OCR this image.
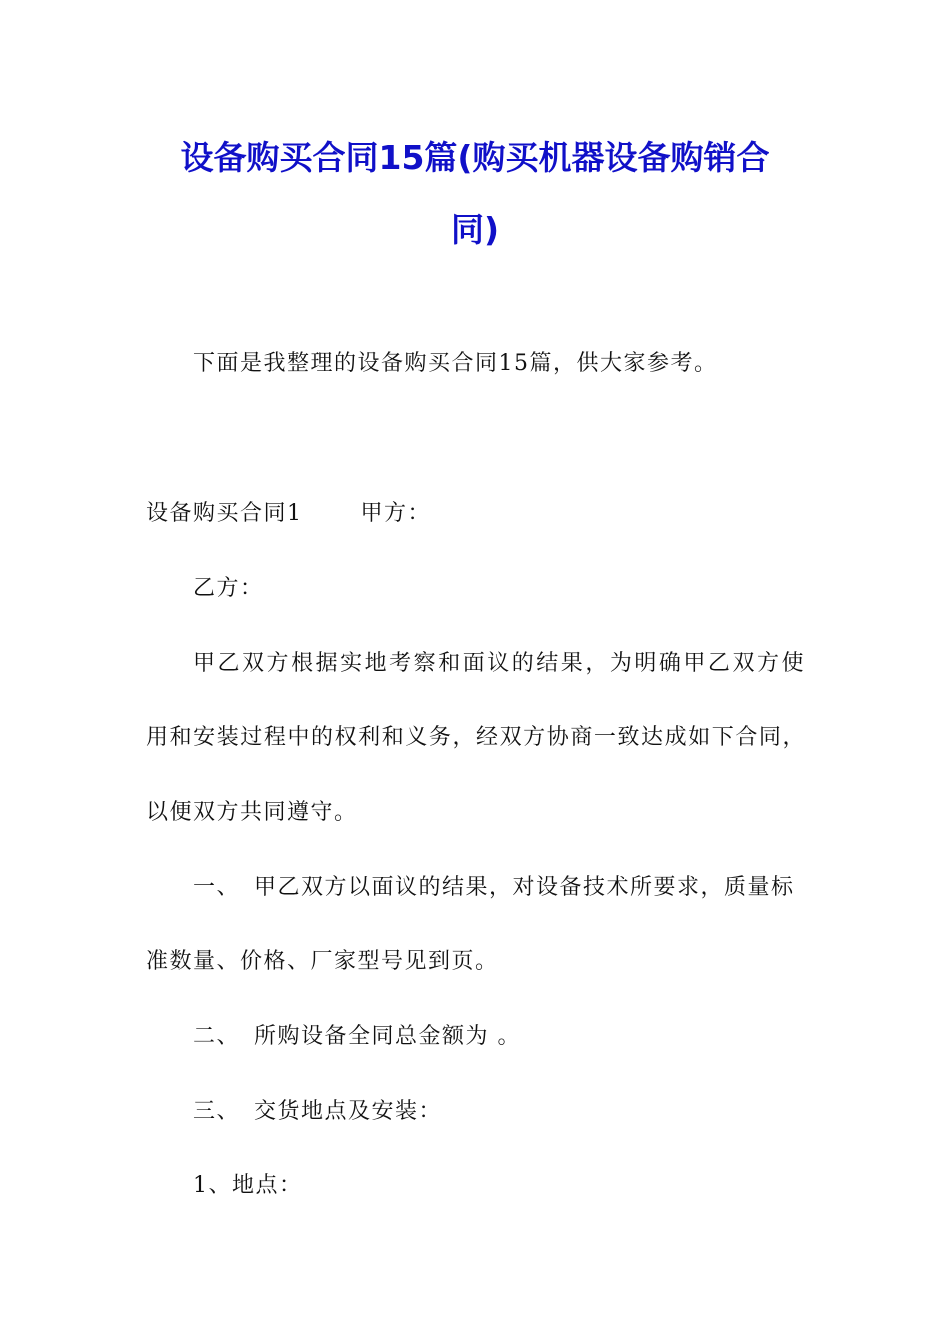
设备购买合同15篇(购买机器设备购销合
同)
下面是我整理的设备购买合同15篇，供大家参考。
设备购买合同1	甲方：
乙方：
甲乙双方根据实地考察和面议的结果，为明确甲乙双方使
用和安装过程中的权利和义务，经双方协商一致达成如下合同，
以便双方共同遵守。
一、 甲乙双方以面议的结果，对设备技术所要求，质量标
准数量、价格、厂家型号见到页。
二、 所购设备全同总金额为 。
三、 交货地点及安装：
1、地点：
